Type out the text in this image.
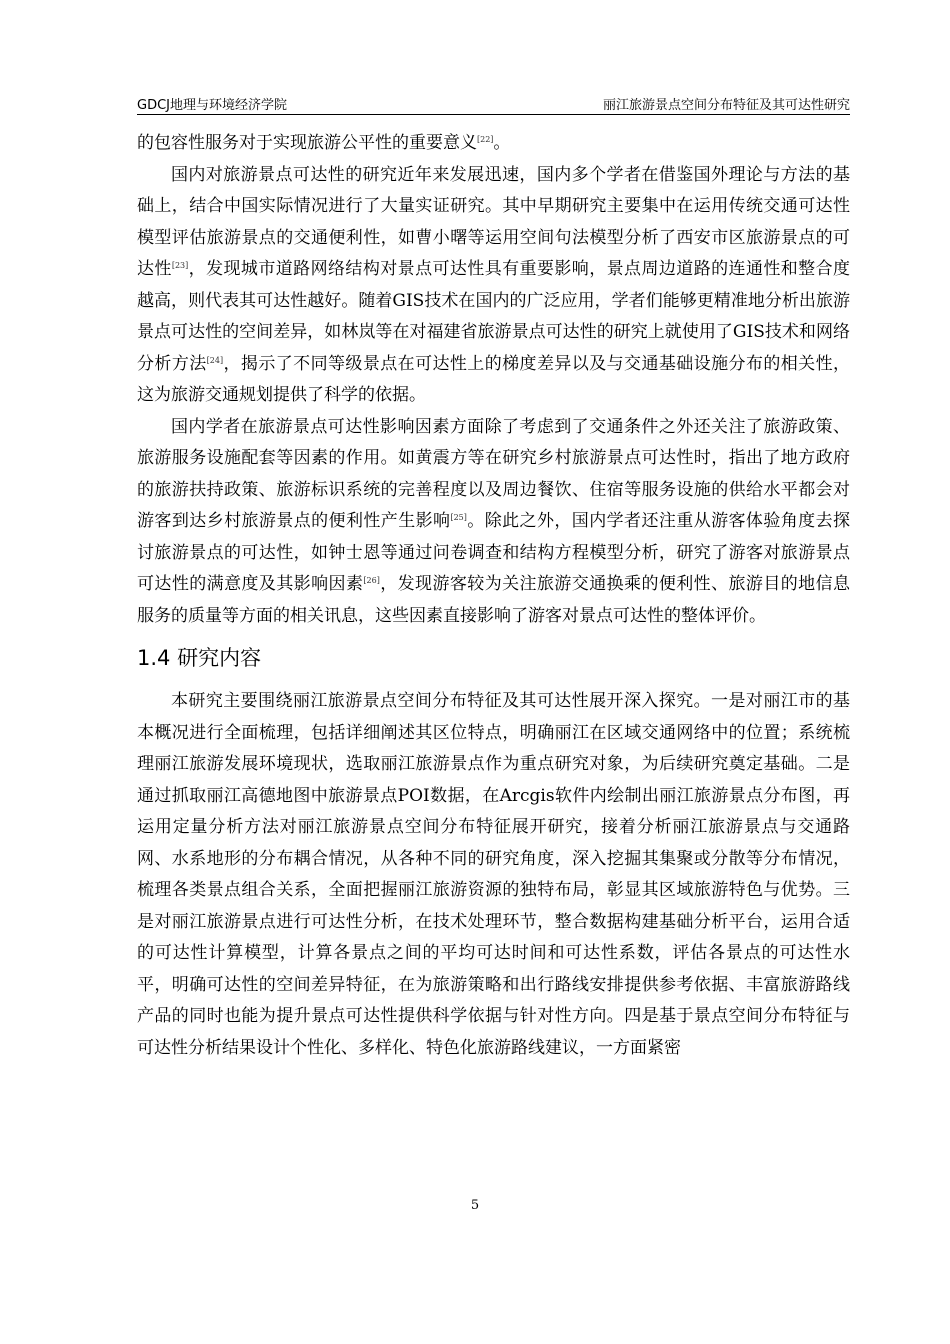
GDCJ地理与环境经济学院	丽江旅游景点空间分布特征及其可达性研究

的包容性服务对于实现旅游公平性的重要意义[22]。

国内对旅游景点可达性的研究近年来发展迅速，国内多个学者在借鉴国外理论与方法的基础上，结合中国实际情况进行了大量实证研究。其中早期研究主要集中在运用传统交通可达性模型评估旅游景点的交通便利性，如曹小曙等运用空间句法模型分析了西安市区旅游景点的可达性[23]，发现城市道路网络结构对景点可达性具有重要影响，景点周边道路的连通性和整合度越高，则代表其可达性越好。随着GIS技术在国内的广泛应用，学者们能够更精准地分析出旅游景点可达性的空间差异，如林岚等在对福建省旅游景点可达性的研究上就使用了GIS技术和网络分析方法[24]，揭示了不同等级景点在可达性上的梯度差异以及与交通基础设施分布的相关性，这为旅游交通规划提供了科学的依据。

国内学者在旅游景点可达性影响因素方面除了考虑到了交通条件之外还关注了旅游政策、旅游服务设施配套等因素的作用。如黄震方等在研究乡村旅游景点可达性时，指出了地方政府的旅游扶持政策、旅游标识系统的完善程度以及周边餐饮、住宿等服务设施的供给水平都会对游客到达乡村旅游景点的便利性产生影响[25]。除此之外，国内学者还注重从游客体验角度去探讨旅游景点的可达性，如钟士恩等通过问卷调查和结构方程模型分析，研究了游客对旅游景点可达性的满意度及其影响因素[26]，发现游客较为关注旅游交通换乘的便利性、旅游目的地信息服务的质量等方面的相关讯息，这些因素直接影响了游客对景点可达性的整体评价。

1.4 研究内容

本研究主要围绕丽江旅游景点空间分布特征及其可达性展开深入探究。一是对丽江市的基本概况进行全面梳理，包括详细阐述其区位特点，明确丽江在区域交通网络中的位置；系统梳理丽江旅游发展环境现状，选取丽江旅游景点作为重点研究对象，为后续研究奠定基础。二是通过抓取丽江高德地图中旅游景点POI数据，在Arcgis软件内绘制出丽江旅游景点分布图，再运用定量分析方法对丽江旅游景点空间分布特征展开研究，接着分析丽江旅游景点与交通路网、水系地形的分布耦合情况，从各种不同的研究角度，深入挖掘其集聚或分散等分布情况，梳理各类景点组合关系，全面把握丽江旅游资源的独特布局，彰显其区域旅游特色与优势。三是对丽江旅游景点进行可达性分析，在技术处理环节，整合数据构建基础分析平台，运用合适的可达性计算模型，计算各景点之间的平均可达时间和可达性系数，评估各景点的可达性水平，明确可达性的空间差异特征，在为旅游策略和出行路线安排提供参考依据、丰富旅游路线产品的同时也能为提升景点可达性提供科学依据与针对性方向。四是基于景点空间分布特征与可达性分析结果设计个性化、多样化、特色化旅游路线建议，一方面紧密

5
